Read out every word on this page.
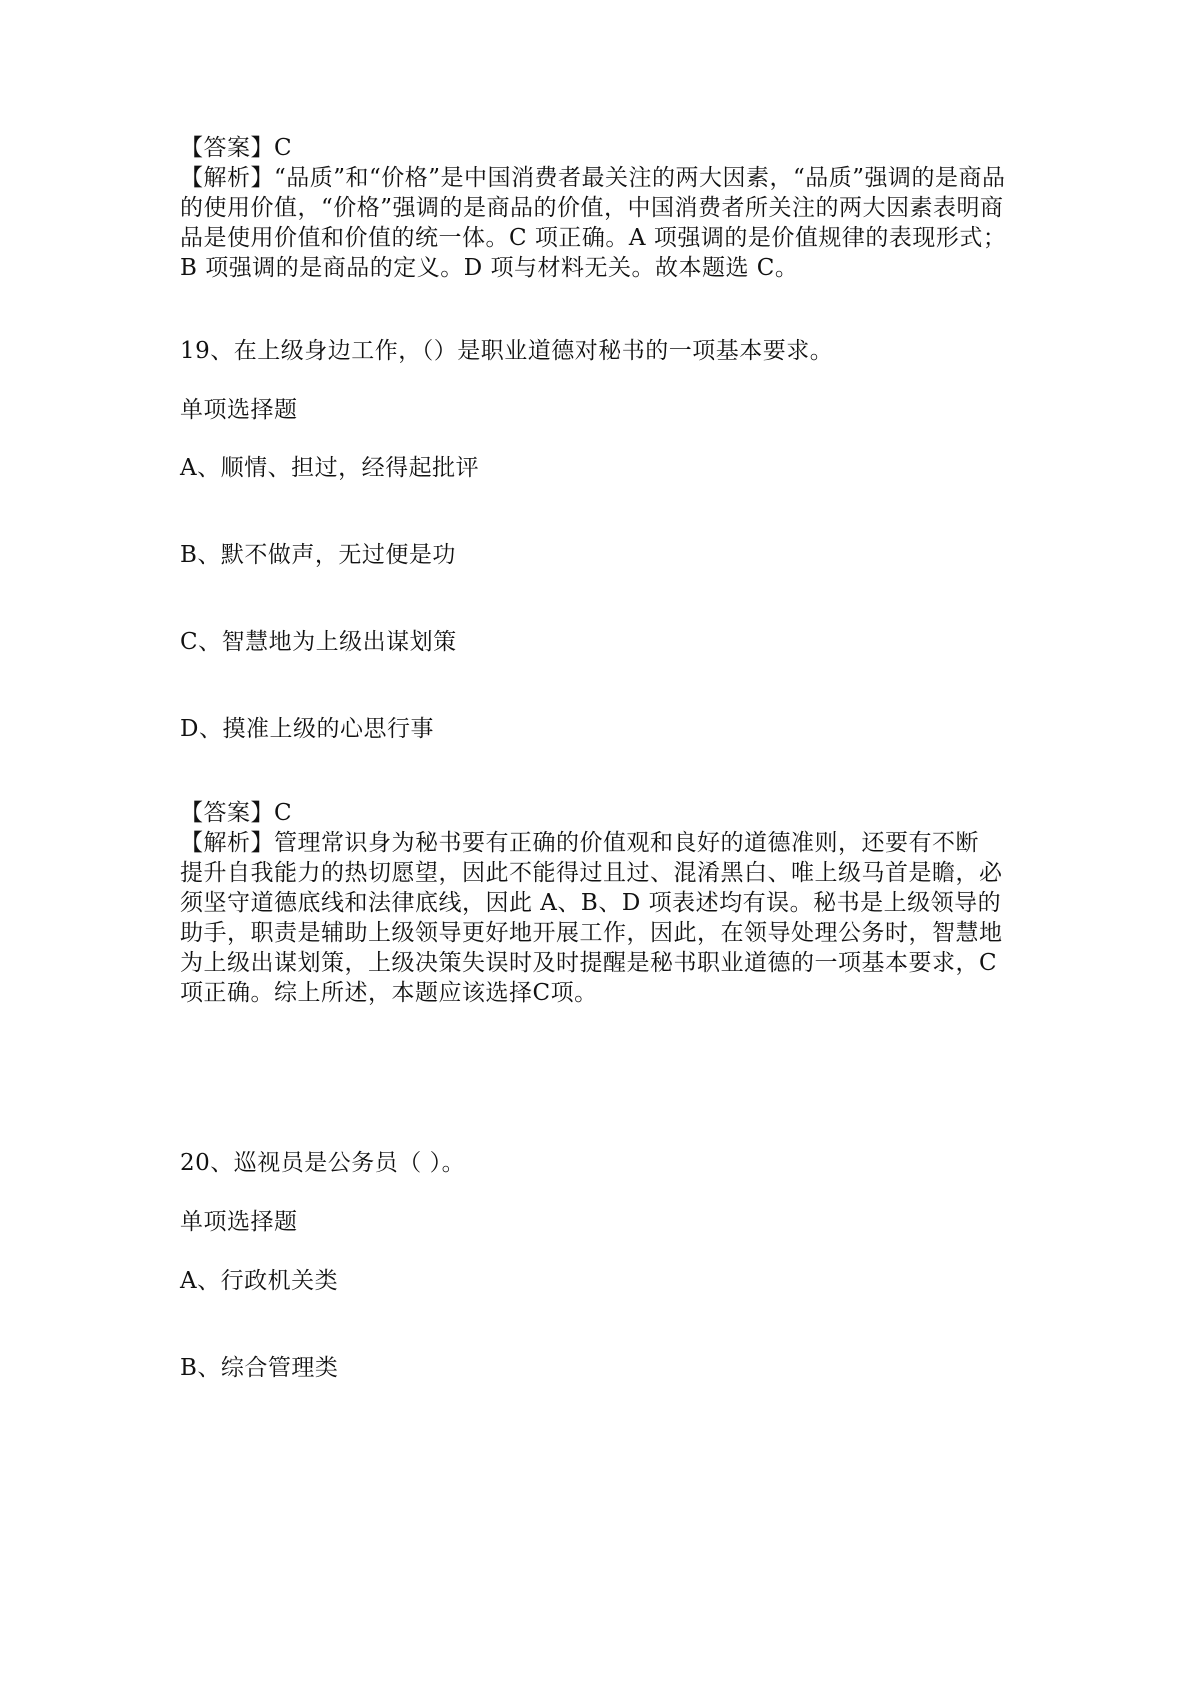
【答案】C
【解析】“品质”和“价格”是中国消费者最关注的两大因素，“品质”强调的是商品
的使用价值，“价格”强调的是商品的价值，中国消费者所关注的两大因素表明商
品是使用价值和价值的统一体。C 项正确。A 项强调的是价值规律的表现形式；
B 项强调的是商品的定义。D 项与材料无关。故本题选 C。
19、在上级身边工作，（）是职业道德对秘书的一项基本要求。
单项选择题
A、顺情、担过，经得起批评
B、默不做声，无过便是功
C、智慧地为上级出谋划策
D、摸准上级的心思行事
【答案】C
【解析】管理常识身为秘书要有正确的价值观和良好的道德准则，还要有不断
提升自我能力的热切愿望，因此不能得过且过、混淆黑白、唯上级马首是瞻，必
须坚守道德底线和法律底线，因此 A、B、D 项表述均有误。秘书是上级领导的
助手，职责是辅助上级领导更好地开展工作，因此，在领导处理公务时，智慧地
为上级出谋划策，上级决策失误时及时提醒是秘书职业道德的一项基本要求，C
项正确。综上所述，本题应该选择C项。
20、巡视员是公务员（ ）。
单项选择题
A、行政机关类
B、综合管理类
